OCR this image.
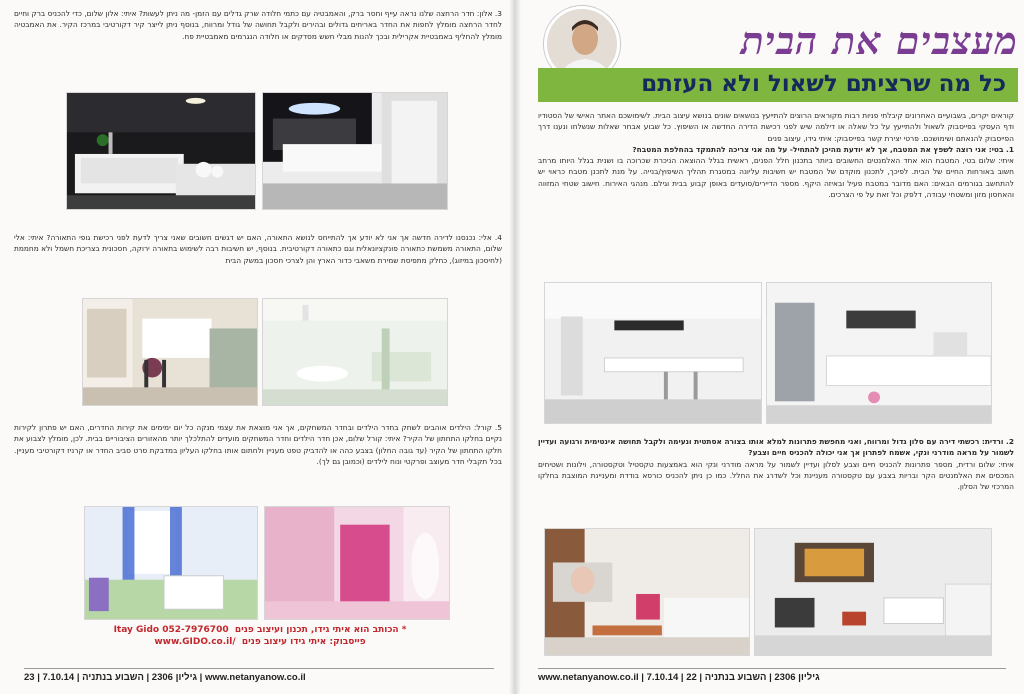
3. אלון: חדר הרחצה שלנו נראה עייף וחסר ברק, והאמבטיה עם כתמי חלודה שרק גדלים עם הזמן- מה ניתן לעשות? איתי: אלון שלום, כדי להכניס ברק וחיים לחדר הרחצה מומלץ לחפות את החדר באריחים גדולים ובהירים ולקבל תחושה של גודל ומרווח, בנוסף ניתן לייצר קיר דקורטיבי במרכז הקיר. את האמבטיה מומלץ להחליף באמבטיית אקרילית ובכך להנות מבלי חשש מסדקים או חלודה הנגרמים מאמבטיית פח.
4. אלי: נכנסנו לדירה חדשה אך אני לא יודע אך להתייחס לנושא התאורה, האם יש דגשים חשובים שאני צריך לדעת לפני רכישת גופי התאורה? איתי: אלי שלום, התאורה משמשת כתאורה פונקציונאלית וגם כתאורה דקורטיבית. בנוסף, יש חשיבות רבה לשימוש בתאורה ירוקה, חסכונית בצריכת חשמל ולא מחממת (לחיסכון במיזוג), כחלק מתפיסת שמירת משאבי כדור הארץ והן לצרכי חסכון במשק הבית
5. קורל: הילדים אוהבים לשחק בחדר הילדים ובחדר המשחקים, אך אני מוצאת את עצמי מנקה כל יום ימימים את קירות החדרים, האם יש פתרון לקירות נקיים בחלקו התחתון של הקיר? איתי: קורל שלום, אכן חדר הילדים וחדר המשחקים מועדים להתלכלך יותר מהאזורים הציבוריים בבית. לכן, מומלץ לצבוע את חלקו התחתון של הקיר (עד גובה החלון) בצבע כהה או להדביק טפט מעניין ולחתום אותו בחלקו העליון במדבקת סרט סביב החדר או קרניז דקורטיבי מעניין. בכל תקבלי חדר מעוצב ופרקטי ונוח לילדים (וכמובן גם לך).
* הכותב הוא איתי גידו, תכנון ועיצוב פנים  Itay Gido 052-7976700
פייסבוק: איתי גידו עיצוב פנים  www.GIDO.co.il/
23 | 7.10.14 | גיליון 2306 | השבוע בנתניה | www.netanyanow.co.il
מעצבים את הבית
כל מה שרציתם לשאול ולא העזתם

קוראים יקרים, בשבועיים האחרונים קיבלתי פניות רבות מקוראים הרוצים להתייעץ בנושאים שונים בנושא עיצוב הבית. לשימושכם האתר האישי של הסטודיו ודף העסקי בפייסבוק לשאול ולהתייעץ על כל שאלה או דילמה שיש לפני רכישת הדירה החדשה או השיפוץ. כל שבוע אבחר שאלות שנשלחו ונענו דרך הפייסבוק להנאתם ושימושכם. פרטי יצירת קשר בפייסבוק: איתי גידו, עיצוב פנים

1. בטי: אני רוצה לשפץ את המטבח, אך לא יודעת מהיכן להתחיל- על מה אני צריכה להתמקד בהחלפת המטבח?

איתי: שלום בטי, המטבח הוא אחד האלמנטים החשובים ביותר בתכנון חלל הפנים, ראשית בגלל ההוצאה הניכרת שכרוכה בו ושנית בגלל היותו מרחב חשוב באורחות החיים של הבית. לפיכך, לתכנון מוקדם של המטבח יש חשיבות עליונה במסגרת תהליך השיפוץ/בנייה. על מנת לתכנן מטבח כראוי יש להתחשב בגורמים הבאים: האם מדובר במטבח פעיל ובאיזה היקף. מספר הדיירים/סועדים באופן קבוע בבית וגילם. מנהגי האירוח. חישוב שטחי המזווה והאחסון מזון ומשטחי עבודה, דלפק וכל זאת על פי הצרכים.

2. ורדית: רכשתי דירה עם סלון גדול ומרווח, ואני מחפשת פתרונות למלא אותו בצורה אסתטית ונעימה ולקבל תחושה אינטימית ורגועה ועדיין לשמור על מראה מודרני ונקי, אשמח לפתרון אך אני יכולה להכניס חיים וצבע?

איתי: שלום ורדית, מספר פתרונות להכניס חיים וצבע לסלון ועדיין לשמור על מראה מודרני ונקי הוא באמצעות טקסטיל וטקסטורה, וילונות ושטיחים המכסים את האלמנטים הקר ובריות בצבע עם טקסטורה מעניינת וכל לשדרג את החלל. כמו כן ניתן להכניס כורסא בודדת ומעניינת המוצבת בחלקו המרכזי של הסלון.

www.netanyanow.co.il | 7.10.14 | גיליון 2306 | השבוע בנתניה | 22
